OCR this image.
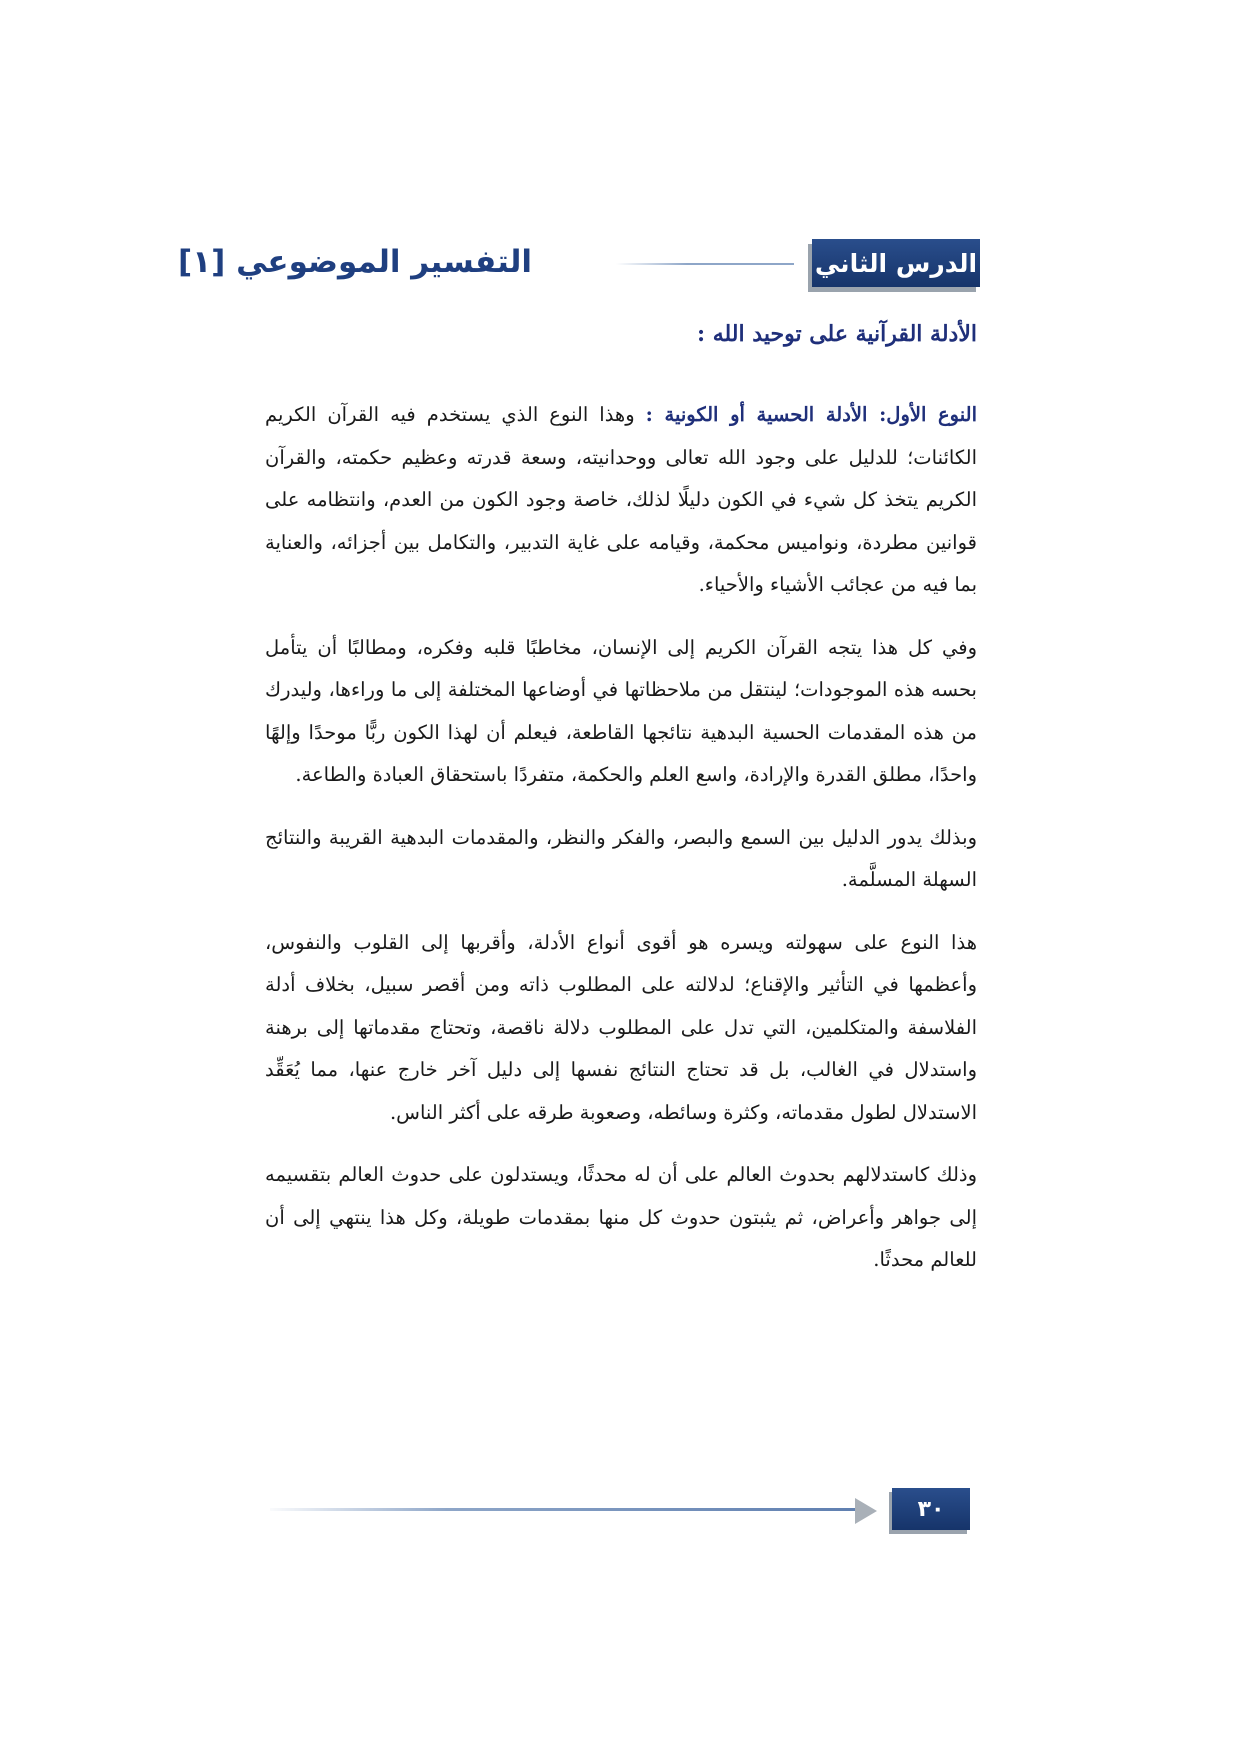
التفسير الموضوعي [١]	الدرس الثاني
الأدلة القرآنية على توحيد الله :

النوع الأول: الأدلة الحسية أو الكونية : وهذا النوع الذي يستخدم فيه القرآن الكريم الكائنات؛ للدليل على وجود الله تعالى ووحدانيته، وسعة قدرته وعظيم حكمته، والقرآن الكريم يتخذ كل شيء في الكون دليلًا لذلك، خاصة وجود الكون من العدم، وانتظامه على قوانين مطردة، ونواميس محكمة، وقيامه على غاية التدبير، والتكامل بين أجزائه، والعناية بما فيه من عجائب الأشياء والأحياء.

وفي كل هذا يتجه القرآن الكريم إلى الإنسان، مخاطبًا قلبه وفكره، ومطالبًا أن يتأمل بحسه هذه الموجودات؛ لينتقل من ملاحظاتها في أوضاعها المختلفة إلى ما وراءها، وليدرك من هذه المقدمات الحسية البدهية نتائجها القاطعة، فيعلم أن لهذا الكون ربًّا موحدًا وإلهًا واحدًا، مطلق القدرة والإرادة، واسع العلم والحكمة، متفردًا باستحقاق العبادة والطاعة.

وبذلك يدور الدليل بين السمع والبصر، والفكر والنظر، والمقدمات البدهية القريبة والنتائج السهلة المسلَّمة.

هذا النوع على سهولته ويسره هو أقوى أنواع الأدلة، وأقربها إلى القلوب والنفوس، وأعظمها في التأثير والإقناع؛ لدلالته على المطلوب ذاته ومن أقصر سبيل، بخلاف أدلة الفلاسفة والمتكلمين، التي تدل على المطلوب دلالة ناقصة، وتحتاج مقدماتها إلى برهنة واستدلال في الغالب، بل قد تحتاج النتائج نفسها إلى دليل آخر خارج عنها، مما يُعَقِّد الاستدلال لطول مقدماته، وكثرة وسائطه، وصعوبة طرقه على أكثر الناس.

وذلك كاستدلالهم بحدوث العالم على أن له محدثًا، ويستدلون على حدوث العالم بتقسيمه إلى جواهر وأعراض، ثم يثبتون حدوث كل منها بمقدمات طويلة، وكل هذا ينتهي إلى أن للعالم محدثًا.

٣٠
